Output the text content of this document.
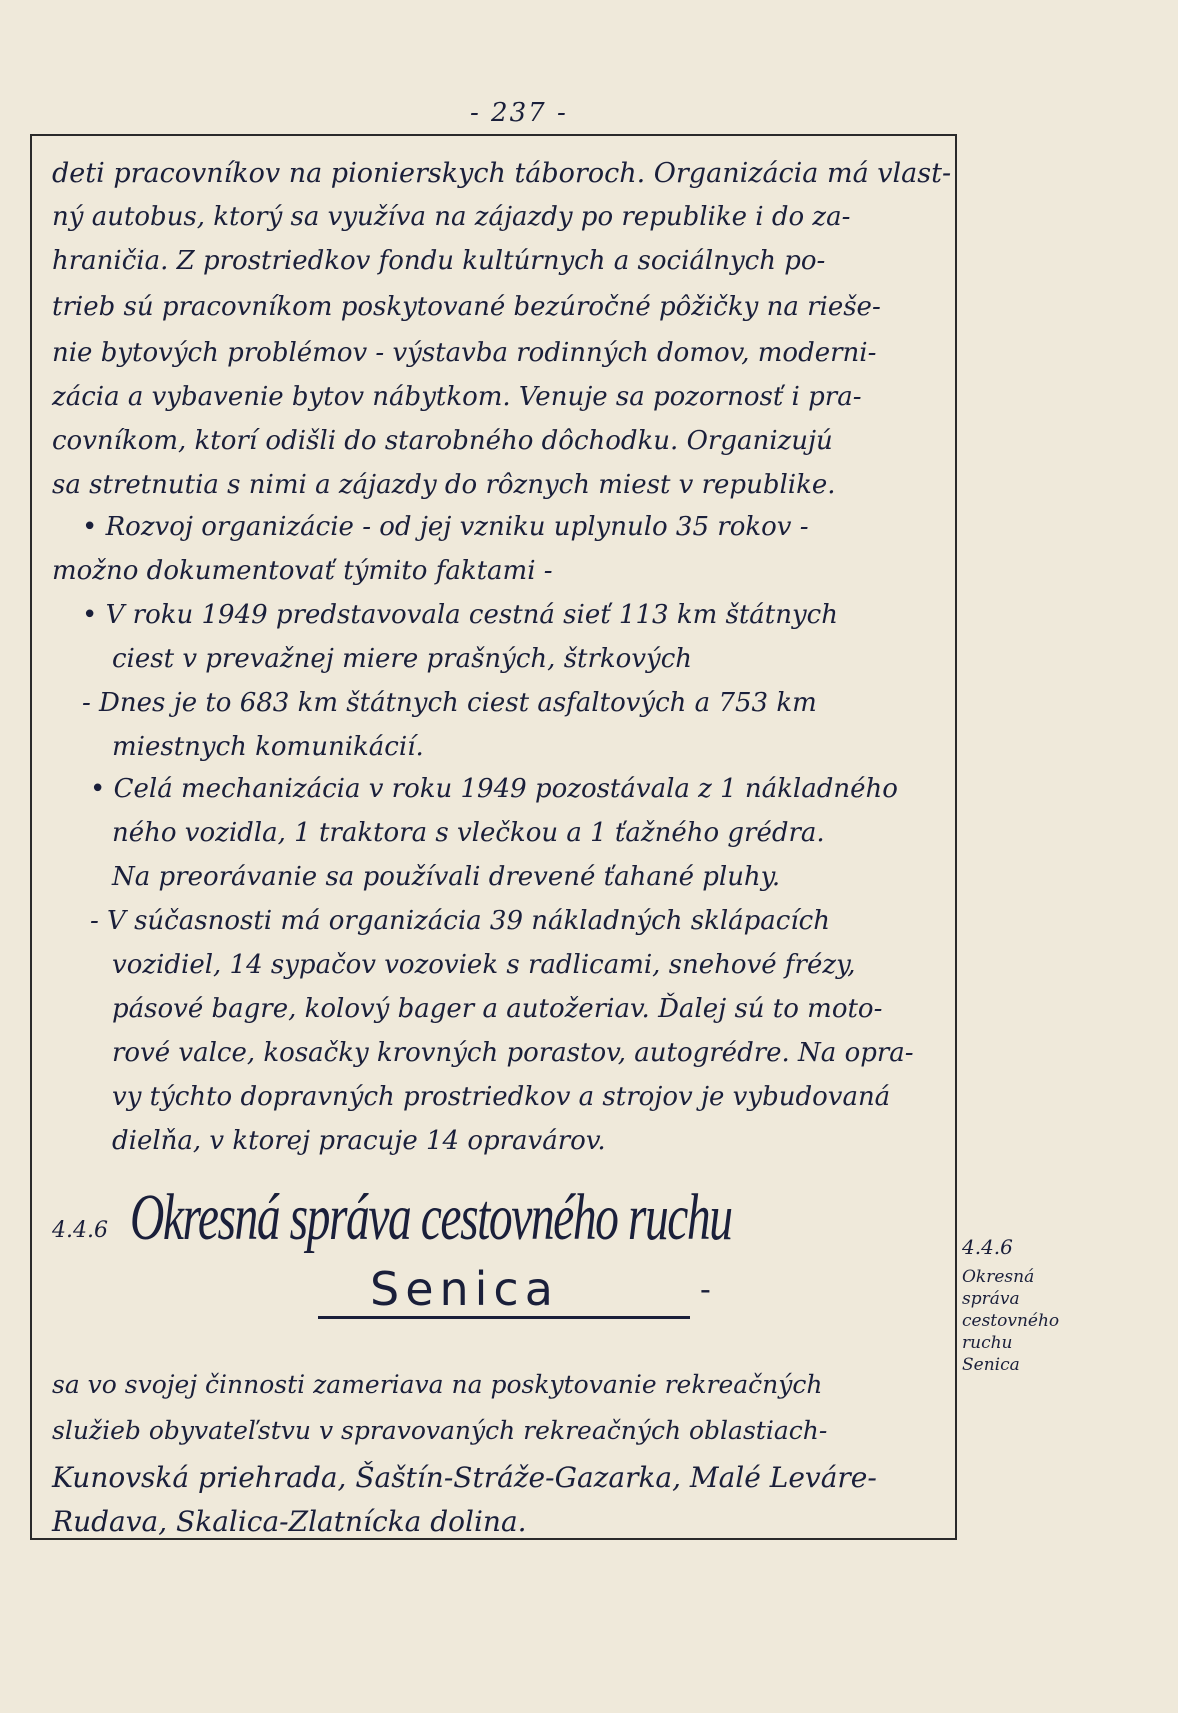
- 237 -
deti pracovníkov na pionierskych táboroch. Organizácia má vlast-
ný autobus, ktorý sa využíva na zájazdy po republike i do za-
hraničia. Z prostriedkov fondu kultúrnych a sociálnych po-
trieb sú pracovníkom poskytované bezúročné pôžičky na riešе-
nie bytových problémov - výstavba rodinných domov, moderni-
zácia a vybavenie bytov nábytkom. Venuje sa pozornosť i pra-
covníkom, ktorí odišli do starobného dôchodku. Organizujú
sa stretnutia s nimi a zájazdy do rôznych miest v republike.
• Rozvoj organizácie - od jej vzniku uplynulo 35 rokov -
možno dokumentovať týmito faktami -
• V roku 1949 predstavovala cestná sieť 113 km štátnych
ciest v prevažnej miere prašných, štrkových
- Dnes je to 683 km štátnych ciest asfaltových a 753 km
miestnych komunikácií.
• Celá mechanizácia v roku 1949 pozostávala z 1 nákladného
ného vozidla, 1 traktora s vlečkou a 1 ťažného grédra.
Na preorávanie sa používali drevené ťahané pluhy.
- V súčasnosti má organizácia 39 nákladných sklápacích
vozidiel, 14 sypačov vozoviek s radlicami, snehové frézy,
pásové bagre, kolový bager a autožeriav. Ďalej sú to moto-
rové valce, kosačky krovných porastov, autogrédre. Na opra-
vy týchto dopravných prostriedkov a strojov je vybudovaná
dielňa, v ktorej pracuje 14 opravárov.
4.4.6 Okresná správa cestovného ruchu
Senica	-
sa vo svojej činnosti zameriava na poskytovanie rekreačných
služieb obyvateľstvu v spravovaných rekreačných oblastiach-
Kunovská priehrada, Šaštín-Stráže-Gazarka, Malé Leváre-
Rudava, Skalica-Zlatnícka dolina.
4.4.6
Okresná
správa
cestovného
ruchu
Senica
